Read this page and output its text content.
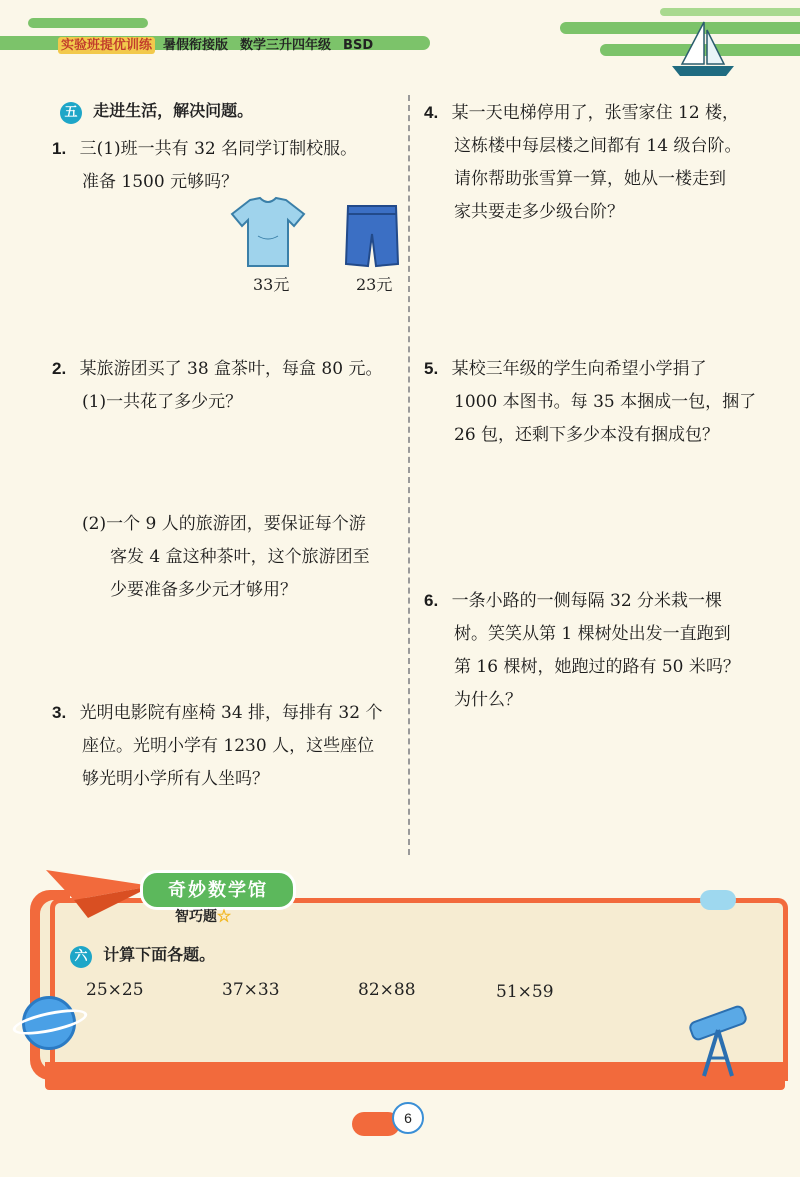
实验班提优训练 暑假衔接版 数学三升四年级 BSD
五 走进生活，解决问题。
1. 三(1)班一共有 32 名同学订制校服。
准备 1500 元够吗？
33元	23元
2. 某旅游团买了 38 盒茶叶，每盒 80 元。
(1)一共花了多少元？
(2)一个 9 人的旅游团，要保证每个游
客发 4 盒这种茶叶，这个旅游团至
少要准备多少元才够用？
3. 光明电影院有座椅 34 排，每排有 32 个
座位。光明小学有 1230 人，这些座位
够光明小学所有人坐吗？
4. 某一天电梯停用了，张雪家住 12 楼，
这栋楼中每层楼之间都有 14 级台阶。
请你帮助张雪算一算，她从一楼走到
家共要走多少级台阶？
5. 某校三年级的学生向希望小学捐了
1000 本图书。每 35 本捆成一包，捆了
26 包，还剩下多少本没有捆成包？
6. 一条小路的一侧每隔 32 分米栽一棵
树。笑笑从第 1 棵树处出发一直跑到
第 16 棵树，她跑过的路有 50 米吗？
为什么？
奇妙数学馆
智巧题☆
六 计算下面各题。
25×25	37×33	82×88	51×59
6
